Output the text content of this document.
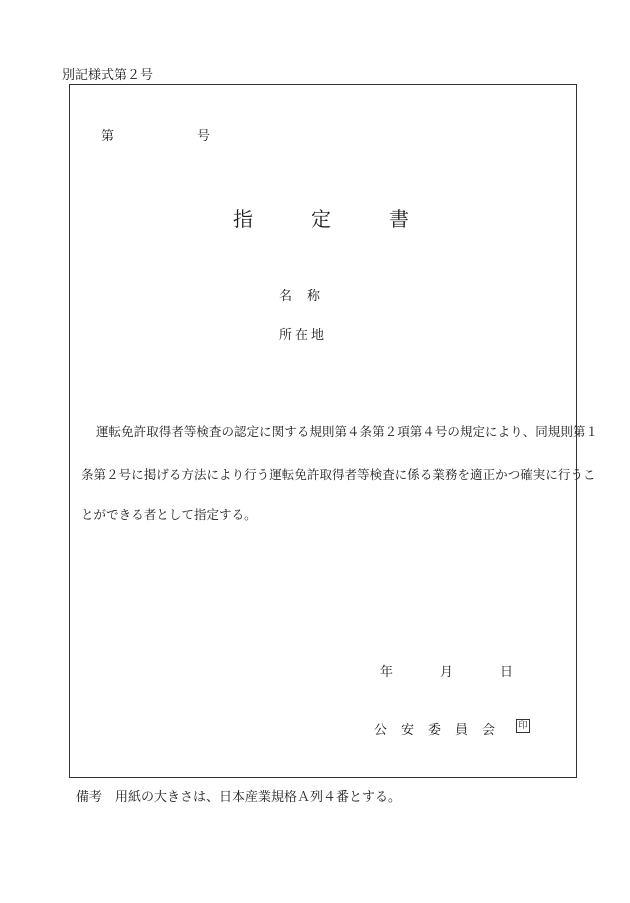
別記様式第２号
第	号
指	定	書
名称
所在地
運転免許取得者等検査の認定に関する規則第４条第２項第４号の規定により、同規則第１
条第２号に掲げる方法により行う運転免許取得者等検査に係る業務を適正かつ確実に行うこ
とができる者として指定する。
年	月	日
公安委員会 印
備考　用紙の大きさは、日本産業規格Ａ列４番とする。
